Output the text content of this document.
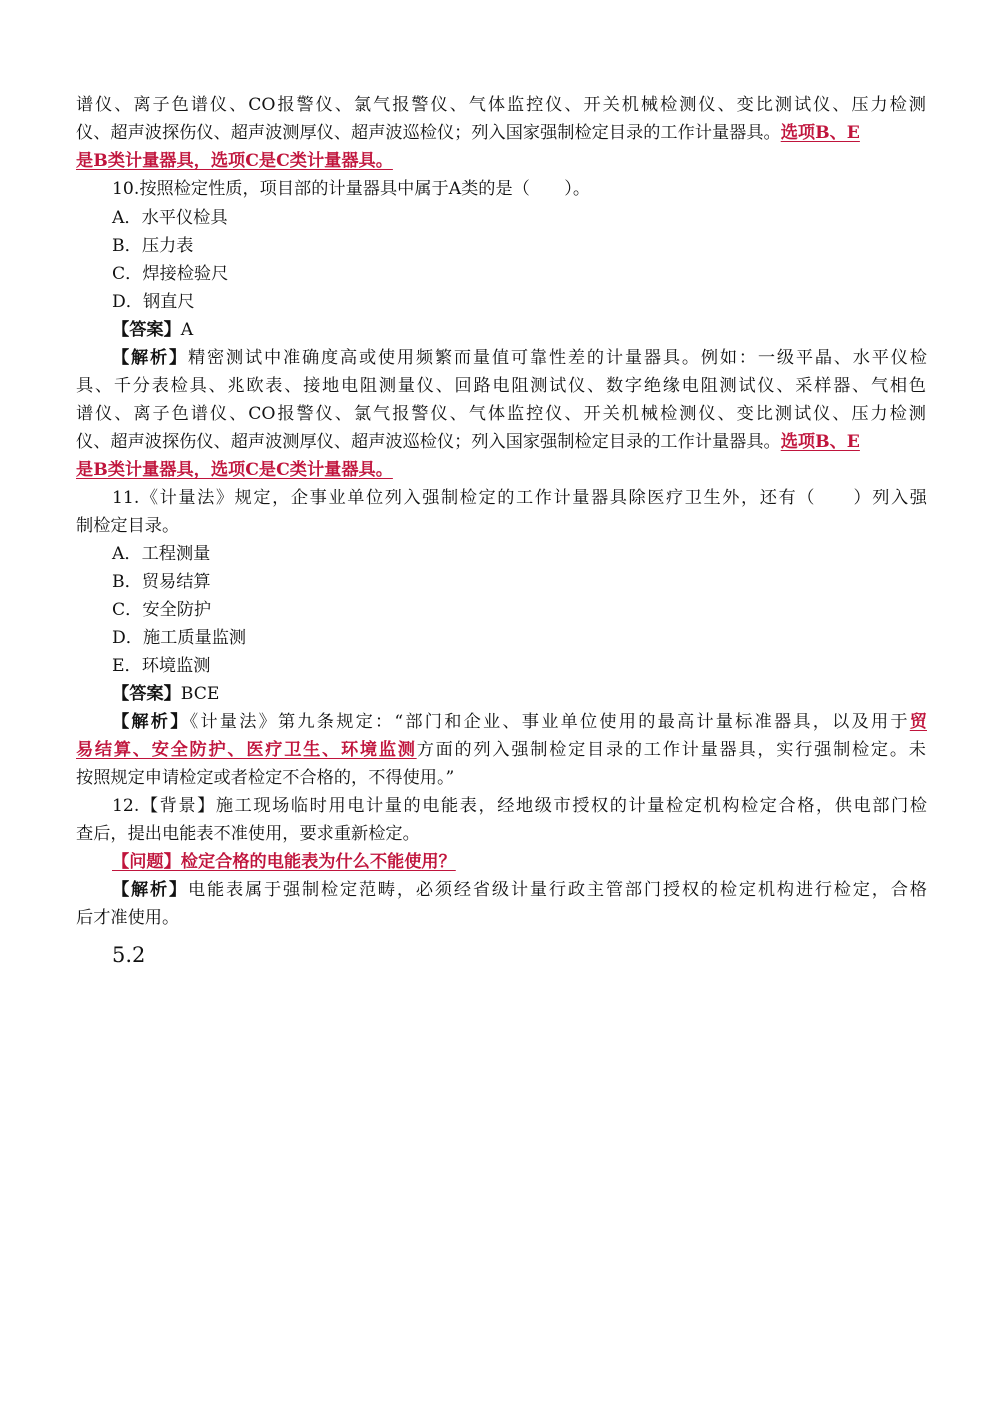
谱仪、离子色谱仪、CO报警仪、氯气报警仪、气体监控仪、开关机械检测仪、变比测试仪、压力检测
仪、超声波探伤仪、超声波测厚仪、超声波巡检仪；列入国家强制检定目录的工作计量器具。选项B、E
是B类计量器具，选项C是C类计量器具。
10.按照检定性质，项目部的计量器具中属于A类的是（　　）。
A．水平仪检具
B．压力表
C．焊接检验尺
D．钢直尺
【答案】A
【解析】精密测试中准确度高或使用频繁而量值可靠性差的计量器具。例如：一级平晶、水平仪检
具、千分表检具、兆欧表、接地电阻测量仪、回路电阻测试仪、数字绝缘电阻测试仪、采样器、气相色
谱仪、离子色谱仪、CO报警仪、氯气报警仪、气体监控仪、开关机械检测仪、变比测试仪、压力检测
仪、超声波探伤仪、超声波测厚仪、超声波巡检仪；列入国家强制检定目录的工作计量器具。选项B、E
是B类计量器具，选项C是C类计量器具。
11.《计量法》规定，企事业单位列入强制检定的工作计量器具除医疗卫生外，还有（　　）列入强
制检定目录。
A．工程测量
B．贸易结算
C．安全防护
D．施工质量监测
E．环境监测
【答案】BCE
【解析】《计量法》第九条规定：“部门和企业、事业单位使用的最高计量标准器具，以及用于贸
易结算、安全防护、医疗卫生、环境监测方面的列入强制检定目录的工作计量器具，实行强制检定。未
按照规定申请检定或者检定不合格的，不得使用。”
12.【背景】施工现场临时用电计量的电能表，经地级市授权的计量检定机构检定合格，供电部门检
查后，提出电能表不准使用，要求重新检定。
【问题】检定合格的电能表为什么不能使用？
【解析】电能表属于强制检定范畴，必须经省级计量行政主管部门授权的检定机构进行检定，合格
后才准使用。
5.2
